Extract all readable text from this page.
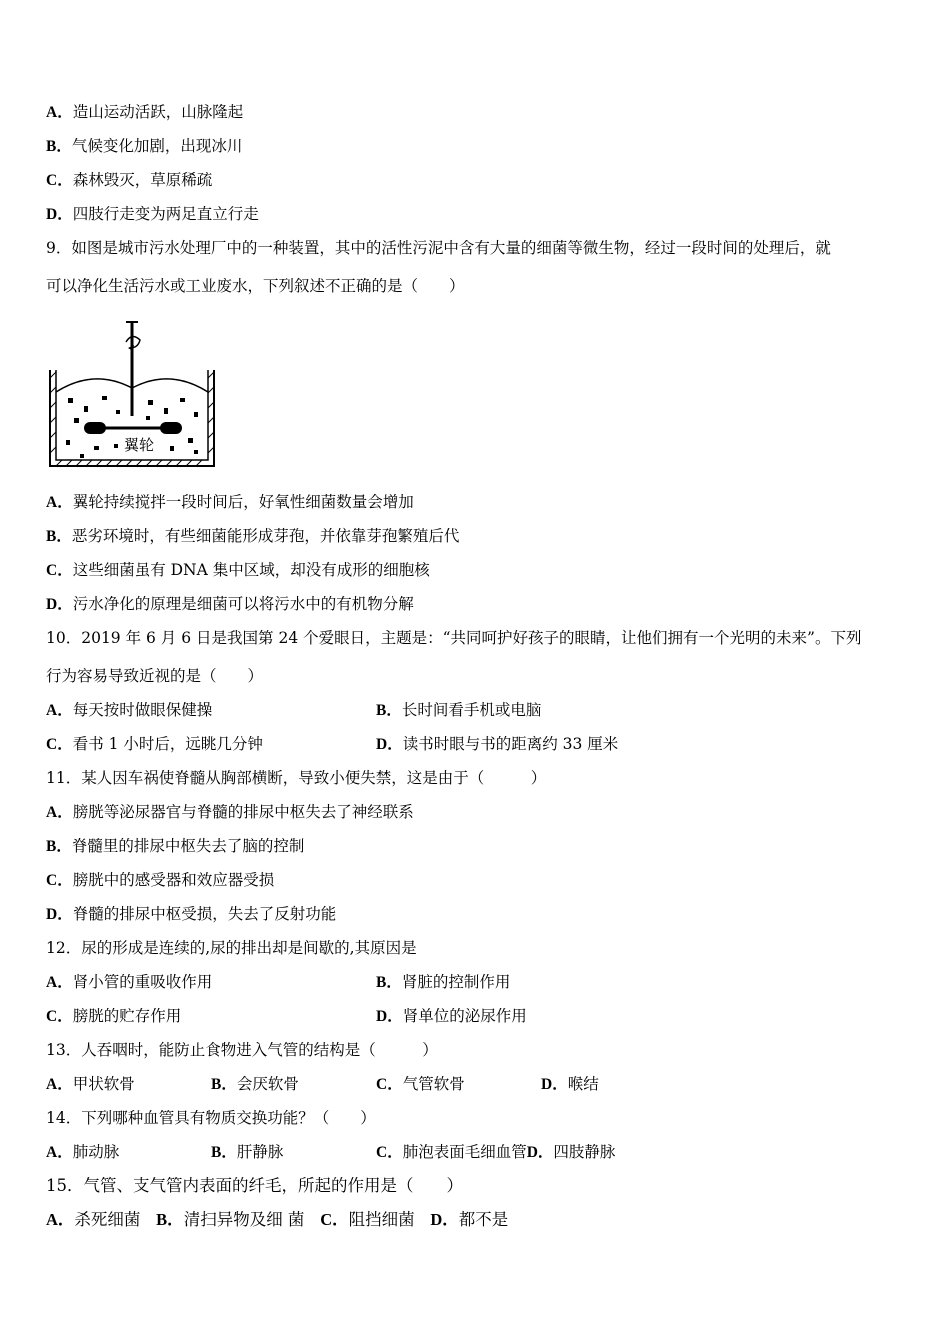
A．造山运动活跃，山脉隆起
B．气候变化加剧，出现冰川
C．森林毁灭，草原稀疏
D．四肢行走变为两足直立行走
9．如图是城市污水处理厂中的一种装置，其中的活性污泥中含有大量的细菌等微生物，经过一段时间的处理后，就
可以净化生活污水或工业废水，下列叙述不正确的是（　　）
翼轮
A．翼轮持续搅拌一段时间后，好氧性细菌数量会增加
B．恶劣环境时，有些细菌能形成芽孢，并依靠芽孢繁殖后代
C．这些细菌虽有 DNA 集中区域，却没有成形的细胞核
D．污水净化的原理是细菌可以将污水中的有机物分解
10．2019 年 6 月 6 日是我国第 24 个爱眼日，主题是：“共同呵护好孩子的眼睛，让他们拥有一个光明的未来”。下列
行为容易导致近视的是（　　）
A．每天按时做眼保健操	B．长时间看手机或电脑
C．看书 1 小时后，远眺几分钟	D．读书时眼与书的距离约 33 厘米
11．某人因车祸使脊髓从胸部横断，导致小便失禁，这是由于（　　　）
A．膀胱等泌尿器官与脊髓的排尿中枢失去了神经联系
B．脊髓里的排尿中枢失去了脑的控制
C．膀胱中的感受器和效应器受损
D．脊髓的排尿中枢受损，失去了反射功能
12．尿的形成是连续的,尿的排出却是间歇的,其原因是
A．肾小管的重吸收作用	B．肾脏的控制作用
C．膀胱的贮存作用	D．肾单位的泌尿作用
13．人吞咽时，能防止食物进入气管的结构是（　　　）
A．甲状软骨	B．会厌软骨	C．气管软骨	D．喉结
14．下列哪种血管具有物质交换功能？（　　）
A．肺动脉	B．肝静脉	C．肺泡表面毛细血管D．四肢静脉
15．气管、支气管内表面的纤毛，所起的作用是（　　）
A．杀死细菌 B．清扫异物及细 菌 C．阻挡细菌 D．都不是
